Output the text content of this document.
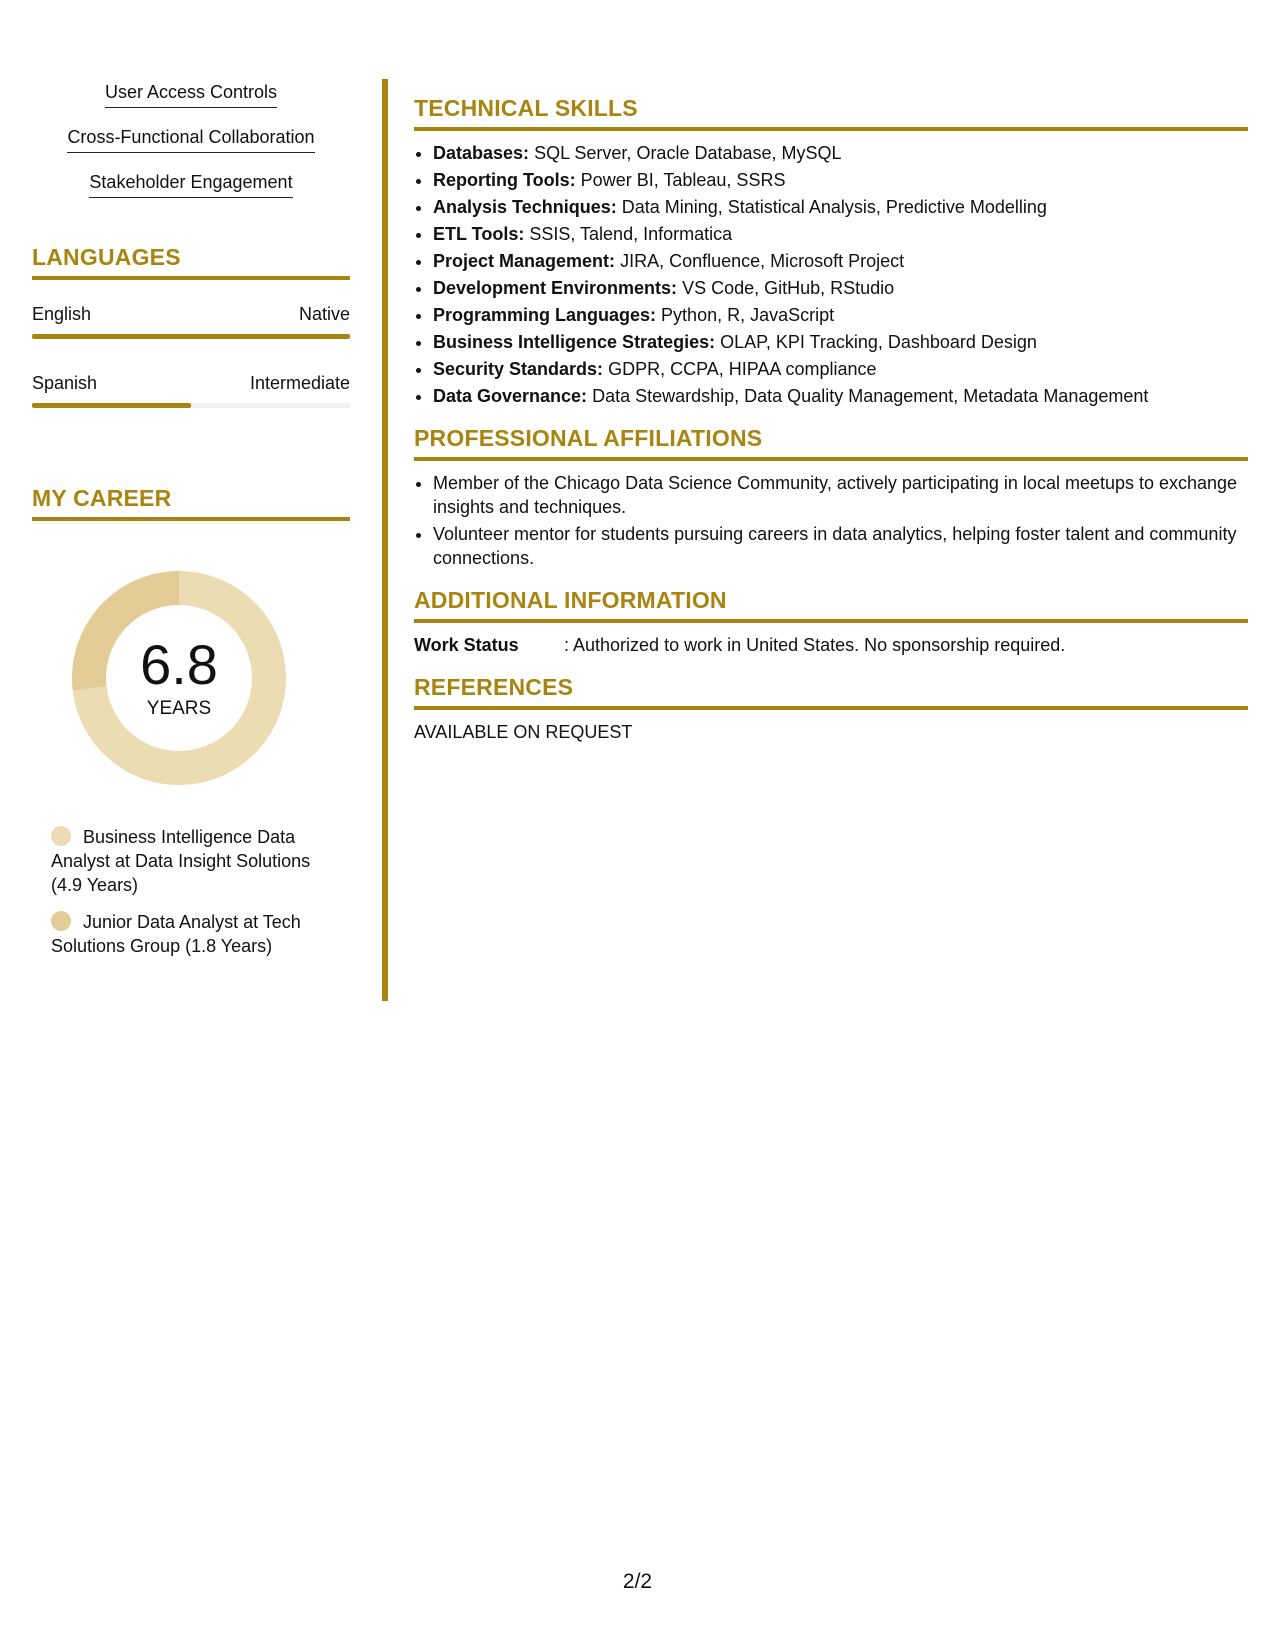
User Access Controls
Cross-Functional Collaboration
Stakeholder Engagement
LANGUAGES
English	Native
Spanish	Intermediate
MY CAREER
6.8
YEARS
Business Intelligence Data Analyst at Data Insight Solutions (4.9 Years)
Junior Data Analyst at Tech Solutions Group (1.8 Years)
TECHNICAL SKILLS
• Databases: SQL Server, Oracle Database, MySQL
• Reporting Tools: Power BI, Tableau, SSRS
• Analysis Techniques: Data Mining, Statistical Analysis, Predictive Modelling
• ETL Tools: SSIS, Talend, Informatica
• Project Management: JIRA, Confluence, Microsoft Project
• Development Environments: VS Code, GitHub, RStudio
• Programming Languages: Python, R, JavaScript
• Business Intelligence Strategies: OLAP, KPI Tracking, Dashboard Design
• Security Standards: GDPR, CCPA, HIPAA compliance
• Data Governance: Data Stewardship, Data Quality Management, Metadata Management
PROFESSIONAL AFFILIATIONS
• Member of the Chicago Data Science Community, actively participating in local meetups to exchange insights and techniques.
• Volunteer mentor for students pursuing careers in data analytics, helping foster talent and community connections.
ADDITIONAL INFORMATION
Work Status	: Authorized to work in United States. No sponsorship required.
REFERENCES
AVAILABLE ON REQUEST
2/2
